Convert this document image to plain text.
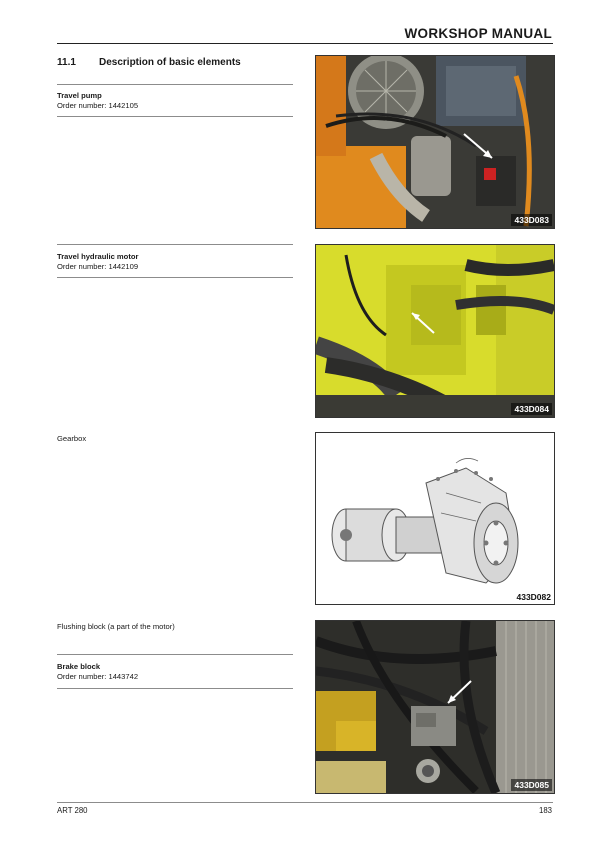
WORKSHOP MANUAL
11.1 Description of basic elements
Travel pump
Order number: 1442105
Travel hydraulic motor
Order number: 1442109
Gearbox
Flushing block (a part of the motor)
Brake block
Order number: 1443742
433D083
433D084
433D082
433D085
ART 280	183
